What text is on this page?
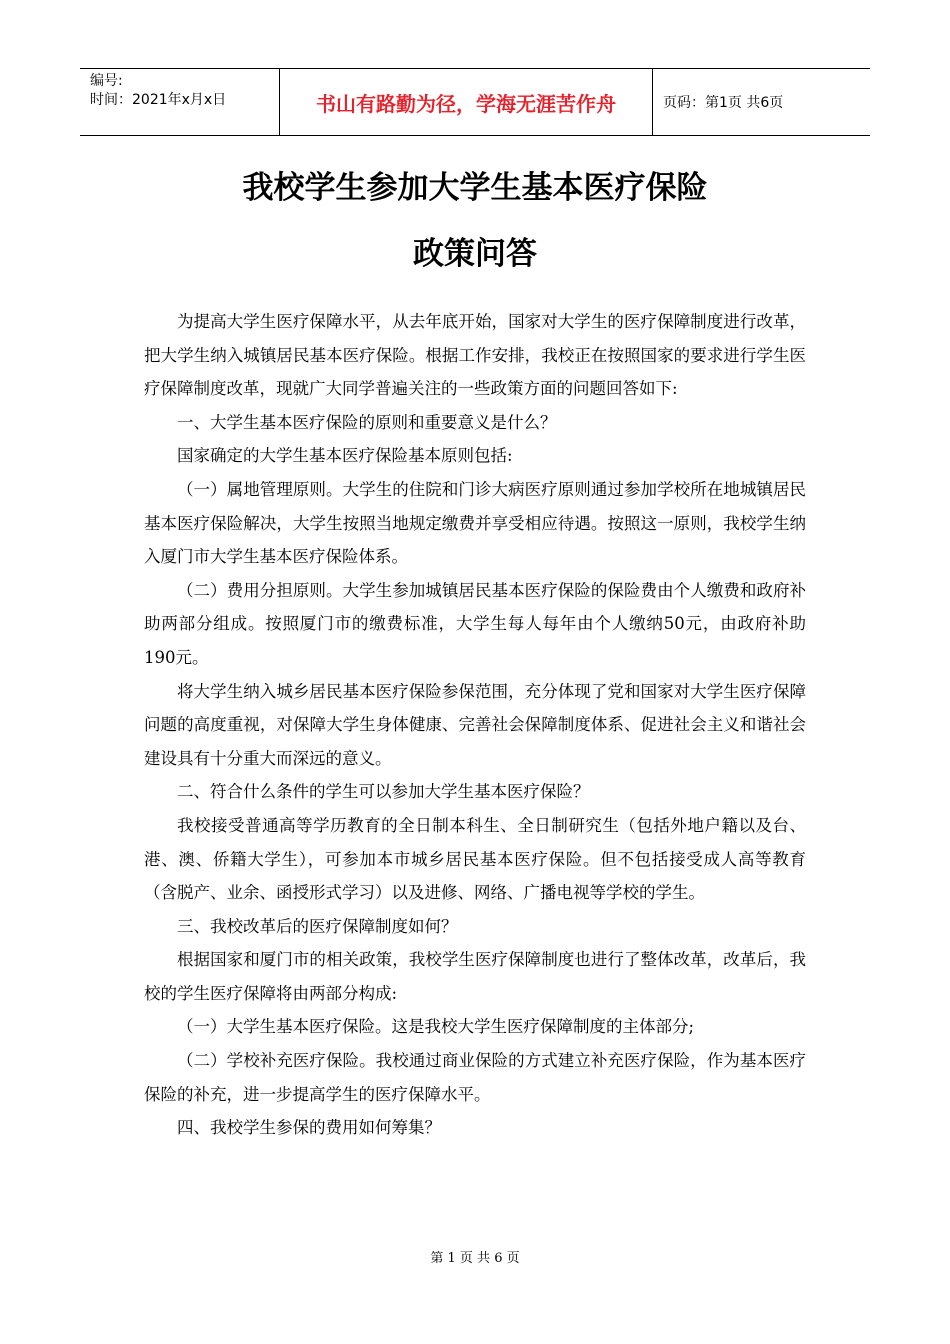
编号:
时间：2021年x月x日	书山有路勤为径，学海无涯苦作舟	页码：第1页 共6页
我校学生参加大学生基本医疗保险
政策问答

为提高大学生医疗保障水平，从去年底开始，国家对大学生的医疗保障制度进行改革，把大学生纳入城镇居民基本医疗保险。根据工作安排，我校正在按照国家的要求进行学生医疗保障制度改革，现就广大同学普遍关注的一些政策方面的问题回答如下:

一、大学生基本医疗保险的原则和重要意义是什么？

国家确定的大学生基本医疗保险基本原则包括:

（一）属地管理原则。大学生的住院和门诊大病医疗原则通过参加学校所在地城镇居民基本医疗保险解决，大学生按照当地规定缴费并享受相应待遇。按照这一原则，我校学生纳入厦门市大学生基本医疗保险体系。

（二）费用分担原则。大学生参加城镇居民基本医疗保险的保险费由个人缴费和政府补助两部分组成。按照厦门市的缴费标准，大学生每人每年由个人缴纳50元，由政府补助190元。

将大学生纳入城乡居民基本医疗保险参保范围，充分体现了党和国家对大学生医疗保障问题的高度重视，对保障大学生身体健康、完善社会保障制度体系、促进社会主义和谐社会建设具有十分重大而深远的意义。

二、符合什么条件的学生可以参加大学生基本医疗保险？

我校接受普通高等学历教育的全日制本科生、全日制研究生（包括外地户籍以及台、港、澳、侨籍大学生），可参加本市城乡居民基本医疗保险。但不包括接受成人高等教育（含脱产、业余、函授形式学习）以及进修、网络、广播电视等学校的学生。

三、我校改革后的医疗保障制度如何？

根据国家和厦门市的相关政策，我校学生医疗保障制度也进行了整体改革，改革后，我校的学生医疗保障将由两部分构成:

（一）大学生基本医疗保险。这是我校大学生医疗保障制度的主体部分;

（二）学校补充医疗保险。我校通过商业保险的方式建立补充医疗保险，作为基本医疗保险的补充，进一步提高学生的医疗保障水平。

四、我校学生参保的费用如何筹集？

第 1 页 共 6 页
